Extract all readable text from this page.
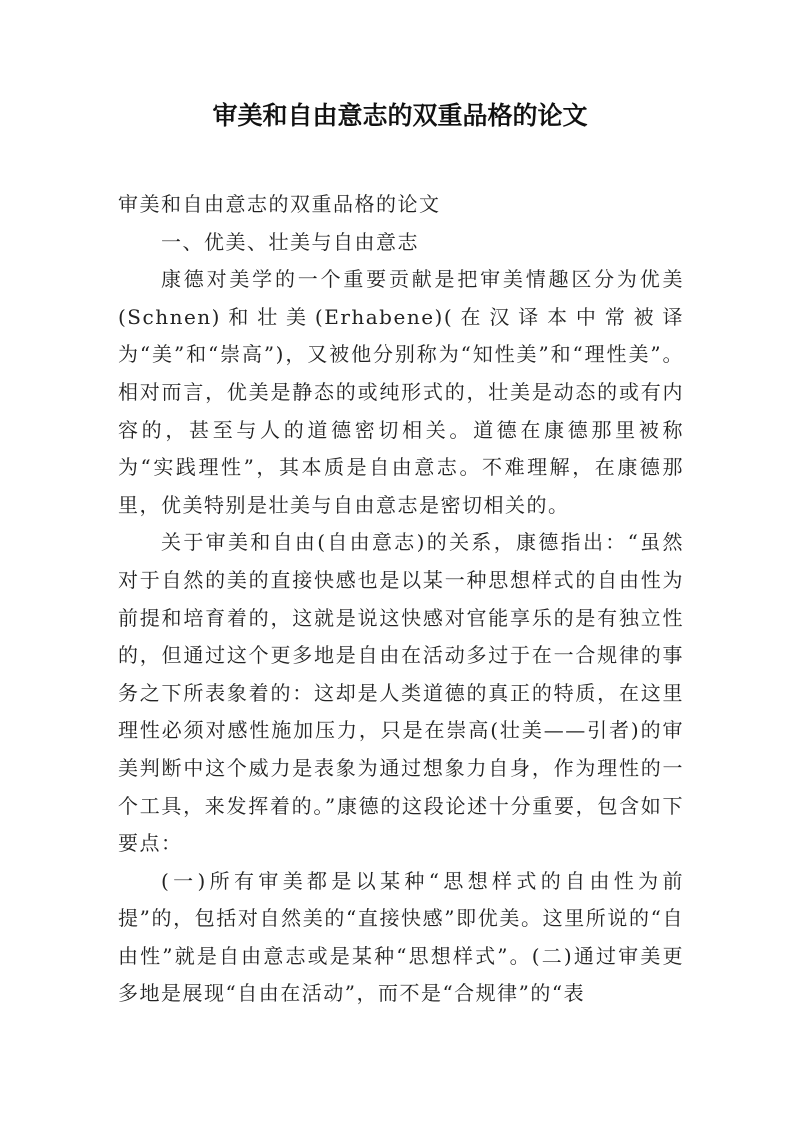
审美和自由意志的双重品格的论文

审美和自由意志的双重品格的论文

一、优美、壮美与自由意志

康德对美学的一个重要贡献是把审美情趣区分为优美(Schnen)和壮美(Erhabene)(在汉译本中常被译为“美”和“崇高”)，又被他分别称为“知性美”和“理性美”。相对而言，优美是静态的或纯形式的，壮美是动态的或有内容的，甚至与人的道德密切相关。道德在康德那里被称为“实践理性”，其本质是自由意志。不难理解，在康德那里，优美特别是壮美与自由意志是密切相关的。

关于审美和自由(自由意志)的关系，康德指出：“虽然对于自然的美的直接快感也是以某一种思想样式的自由性为前提和培育着的，这就是说这快感对官能享乐的是有独立性的，但通过这个更多地是自由在活动多过于在一合规律的事务之下所表象着的：这却是人类道德的真正的特质，在这里理性必须对感性施加压力，只是在崇高(壮美——引者)的审美判断中这个威力是表象为通过想象力自身，作为理性的一个工具，来发挥着的。”康德的这段论述十分重要，包含如下要点：

(一)所有审美都是以某种“思想样式的自由性为前提”的，包括对自然美的“直接快感”即优美。这里所说的“自由性”就是自由意志或是某种“思想样式”。(二)通过审美更多地是展现“自由在活动”，而不是“合规律”的“表
